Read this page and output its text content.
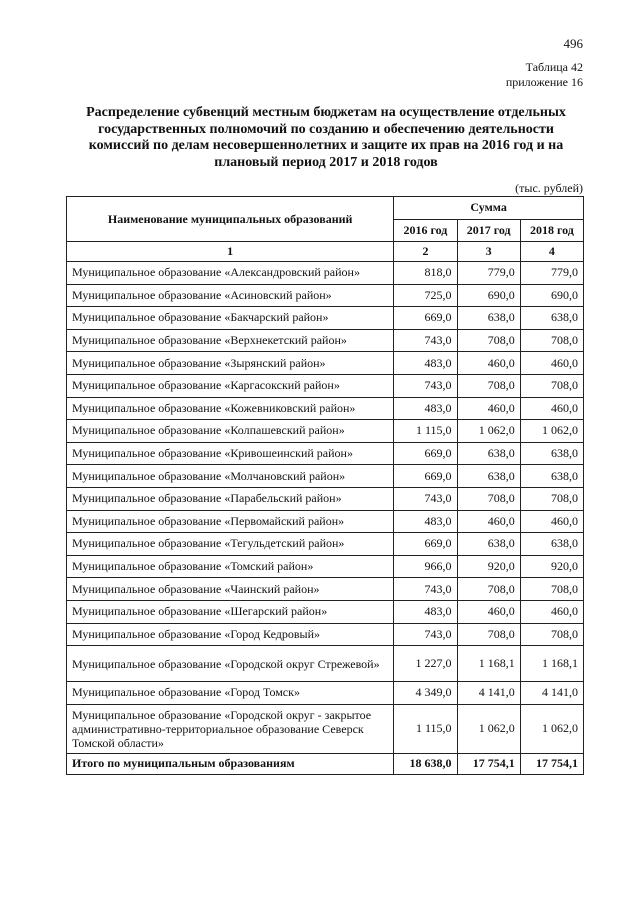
496
Таблица 42
приложение 16
Распределение субвенций местным бюджетам на осуществление отдельных государственных полномочий по созданию и обеспечению деятельности комиссий по делам несовершеннолетних и защите их прав на 2016 год и на плановый период 2017 и 2018 годов
(тыс. рублей)
Наименование муниципальных образований	Сумма		
	2016 год	2017 год	2018 год
1	2	3	4
Муниципальное образование «Александровский район»	818,0	779,0	779,0
Муниципальное образование «Асиновский район»	725,0	690,0	690,0
Муниципальное образование «Бакчарский район»	669,0	638,0	638,0
Муниципальное образование «Верхнекетский район»	743,0	708,0	708,0
Муниципальное образование «Зырянский район»	483,0	460,0	460,0
Муниципальное образование «Каргасокский район»	743,0	708,0	708,0
Муниципальное образование «Кожевниковский район»	483,0	460,0	460,0
Муниципальное образование «Колпашевский район»	1 115,0	1 062,0	1 062,0
Муниципальное образование «Кривошеинский район»	669,0	638,0	638,0
Муниципальное образование «Молчановский район»	669,0	638,0	638,0
Муниципальное образование «Парабельский район»	743,0	708,0	708,0
Муниципальное образование «Первомайский район»	483,0	460,0	460,0
Муниципальное образование «Тегульдетский район»	669,0	638,0	638,0
Муниципальное образование «Томский район»	966,0	920,0	920,0
Муниципальное образование «Чаинский район»	743,0	708,0	708,0
Муниципальное образование «Шегарский район»	483,0	460,0	460,0
Муниципальное образование «Город Кедровый»	743,0	708,0	708,0
Муниципальное образование «Городской округ Стрежевой»	1 227,0	1 168,1	1 168,1
Муниципальное образование «Город Томск»	4 349,0	4 141,0	4 141,0
Муниципальное образование «Городской округ - закрытое административно-территориальное образование Северск Томской области»	1 115,0	1 062,0	1 062,0
Итого по муниципальным образованиям	18 638,0	17 754,1	17 754,1
